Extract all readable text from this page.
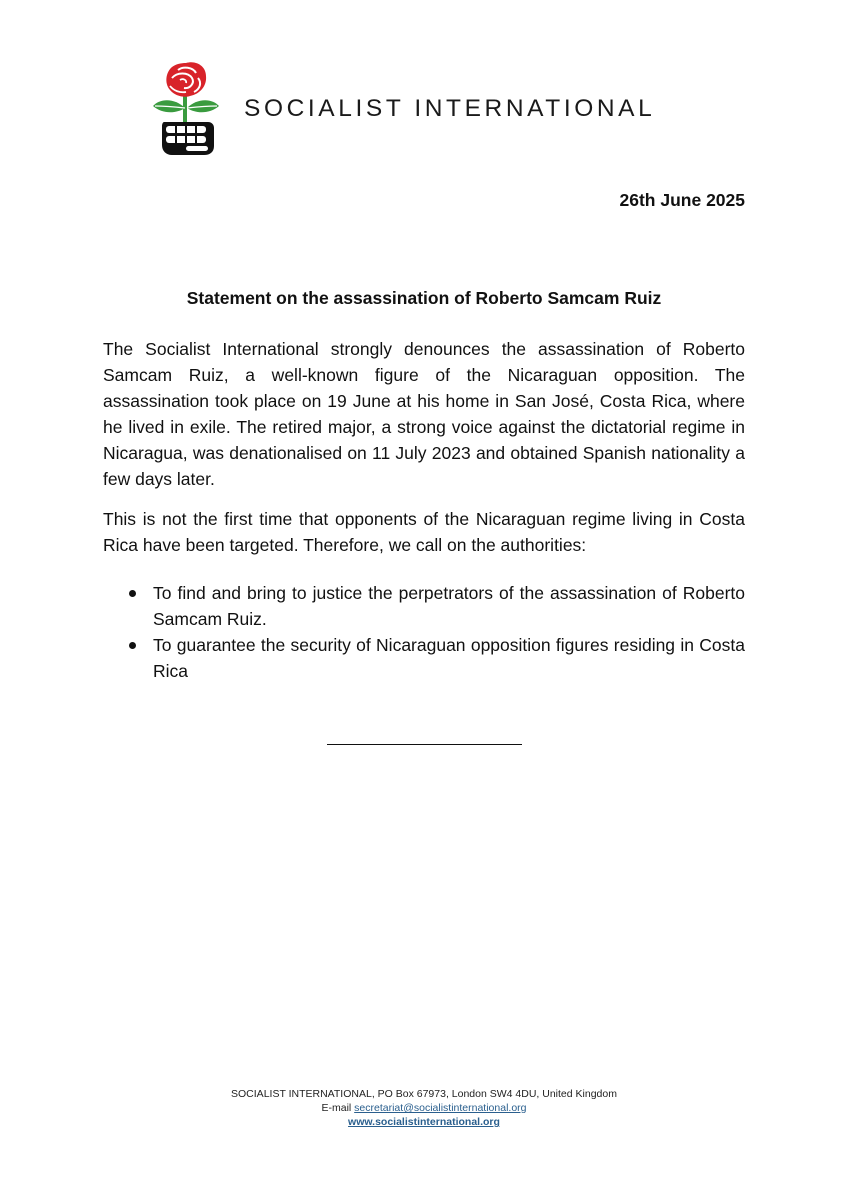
SOCIALIST INTERNATIONAL
26th June 2025
Statement on the assassination of Roberto Samcam Ruiz

The Socialist International strongly denounces the assassination of Roberto Samcam Ruiz, a well-known figure of the Nicaraguan opposition. The assassination took place on 19 June at his home in San José, Costa Rica, where he lived in exile. The retired major, a strong voice against the dictatorial regime in Nicaragua, was denationalised on 11 July 2023 and obtained Spanish nationality a few days later.

This is not the first time that opponents of the Nicaraguan regime living in Costa Rica have been targeted. Therefore, we call on the authorities:

To find and bring to justice the perpetrators of the assassination of Roberto Samcam Ruiz.
To guarantee the security of Nicaraguan opposition figures residing in Costa Rica
SOCIALIST INTERNATIONAL, PO Box 67973, London SW4 4DU, United Kingdom
E-mail secretariat@socialistinternational.org
www.socialistinternational.org
